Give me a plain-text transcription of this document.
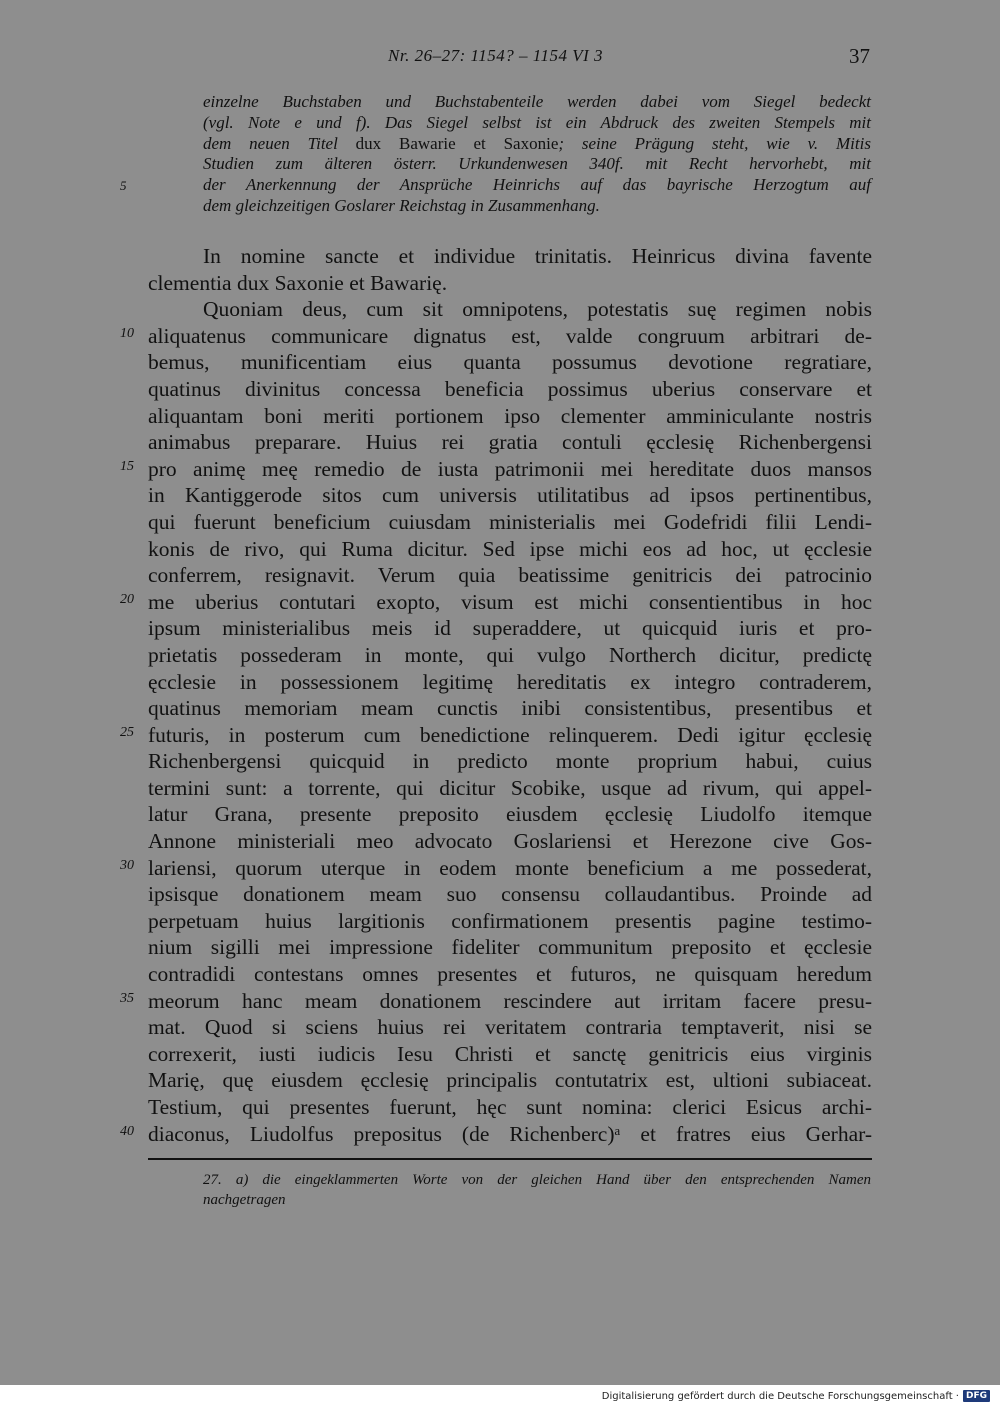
Nr. 26–27: 1154? – 1154 VI 3	37
5
einzelne Buchstaben und Buchstabenteile werden dabei vom Siegel bedeckt
(vgl. Note e und f). Das Siegel selbst ist ein Abdruck des zweiten Stempels mit
dem neuen Titel dux Bawarie et Saxonie; seine Prägung steht, wie v. Mitis
Studien zum älteren österr. Urkundenwesen 340f. mit Recht hervorhebt, mit
der Anerkennung der Ansprüche Heinrichs auf das bayrische Herzogtum auf
dem gleichzeitigen Goslarer Reichstag in Zusammenhang.
In nomine sancte et individue trinitatis. Heinricus divina favente
clementia dux Saxonie et Bawarię.
Quoniam deus, cum sit omnipotens, potestatis suę regimen nobis
aliquatenus communicare dignatus est, valde congruum arbitrari de-
bemus, munificentiam eius quanta possumus devotione regratiare,
quatinus divinitus concessa beneficia possimus uberius conservare et
aliquantam boni meriti portionem ipso clementer amminiculante nostris
animabus preparare. Huius rei gratia contuli ęcclesię Richenbergensi
pro animę meę remedio de iusta patrimonii mei hereditate duos mansos
in Kantiggerode sitos cum universis utilitatibus ad ipsos pertinentibus,
qui fuerunt beneficium cuiusdam ministerialis mei Godefridi filii Lendi-
konis de rivo, qui Ruma dicitur. Sed ipse michi eos ad hoc, ut ęcclesie
conferrem, resignavit. Verum quia beatissime genitricis dei patrocinio
me uberius contutari exopto, visum est michi consentientibus in hoc
ipsum ministerialibus meis id superaddere, ut quicquid iuris et pro-
prietatis possederam in monte, qui vulgo Northerch dicitur, predictę
ęcclesie in possessionem legitimę hereditatis ex integro contraderem,
quatinus memoriam meam cunctis inibi consistentibus, presentibus et
futuris, in posterum cum benedictione relinquerem. Dedi igitur ęcclesię
Richenbergensi quicquid in predicto monte proprium habui, cuius
termini sunt: a torrente, qui dicitur Scobike, usque ad rivum, qui appel-
latur Grana, presente preposito eiusdem ęcclesię Liudolfo itemque
Annone ministeriali meo advocato Goslariensi et Herezone cive Gos-
lariensi, quorum uterque in eodem monte beneficium a me possederat,
ipsisque donationem meam suo consensu collaudantibus. Proinde ad
perpetuam huius largitionis confirmationem presentis pagine testimo-
nium sigilli mei impressione fideliter communitum preposito et ęcclesie
contradidi contestans omnes presentes et futuros, ne quisquam heredum
meorum hanc meam donationem rescindere aut irritam facere presu-
mat. Quod si sciens huius rei veritatem contraria temptaverit, nisi se
correxerit, iusti iudicis Iesu Christi et sanctę genitricis eius virginis
Marię, quę eiusdem ęcclesię principalis contutatrix est, ultioni subiaceat.
Testium, qui presentes fuerunt, hęc sunt nomina: clerici Esicus archi-
diaconus, Liudolfus prepositus (de Richenberc)ᵃ et fratres eius Gerhar-
10
15
20
25
30
35
40
27. a) die eingeklammerten Worte von der gleichen Hand über den entsprechenden Namen
nachgetragen
Digitalisierung gefördert durch die Deutsche Forschungsgemeinschaft · DFG
